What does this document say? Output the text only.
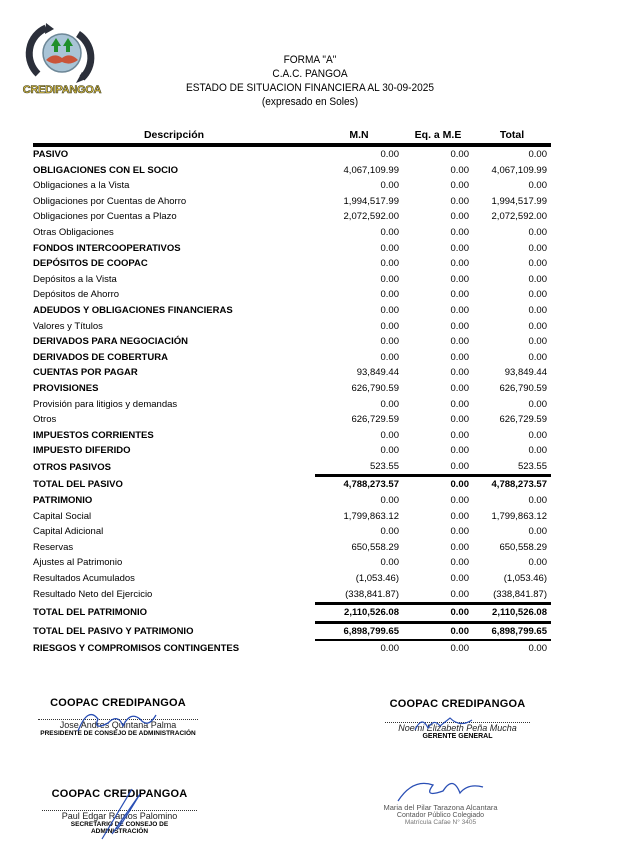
CREDIPANGOA
FORMA "A"
C.A.C. PANGOA
ESTADO DE SITUACION FINANCIERA AL 30-09-2025
(expresado en Soles)
Descripción	M.N	Eq. a M.E	Total
PASIVO	0.00	0.00	0.00
OBLIGACIONES CON EL SOCIO	4,067,109.99	0.00	4,067,109.99
Obligaciones a la Vista	0.00	0.00	0.00
Obligaciones por Cuentas de Ahorro	1,994,517.99	0.00	1,994,517.99
Obligaciones por Cuentas a Plazo	2,072,592.00	0.00	2,072,592.00
Otras Obligaciones	0.00	0.00	0.00
FONDOS INTERCOOPERATIVOS	0.00	0.00	0.00
DEPÓSITOS DE COOPAC	0.00	0.00	0.00
Depósitos a la Vista	0.00	0.00	0.00
Depósitos de Ahorro	0.00	0.00	0.00
ADEUDOS Y OBLIGACIONES FINANCIERAS	0.00	0.00	0.00
Valores y Títulos	0.00	0.00	0.00
DERIVADOS PARA NEGOCIACIÓN	0.00	0.00	0.00
DERIVADOS DE COBERTURA	0.00	0.00	0.00
CUENTAS POR PAGAR	93,849.44	0.00	93,849.44
PROVISIONES	626,790.59	0.00	626,790.59
Provisión para litigios y demandas	0.00	0.00	0.00
Otros	626,729.59	0.00	626,729.59
IMPUESTOS CORRIENTES	0.00	0.00	0.00
IMPUESTO DIFERIDO	0.00	0.00	0.00
OTROS PASIVOS	523.55	0.00	523.55
TOTAL DEL PASIVO	4,788,273.57	0.00	4,788,273.57
PATRIMONIO	0.00	0.00	0.00
Capital Social	1,799,863.12	0.00	1,799,863.12
Capital Adicional	0.00	0.00	0.00
Reservas	650,558.29	0.00	650,558.29
Ajustes al Patrimonio	0.00	0.00	0.00
Resultados Acumulados	(1,053.46)	0.00	(1,053.46)
Resultado Neto del Ejercicio	(338,841.87)	0.00	(338,841.87)
TOTAL DEL PATRIMONIO	2,110,526.08	0.00	2,110,526.08
TOTAL DEL PASIVO Y PATRIMONIO	6,898,799.65	0.00	6,898,799.65
RIESGOS Y COMPROMISOS CONTINGENTES	0.00	0.00	0.00
COOPAC CREDIPANGOA
Jose Andres Quintana Palma
PRESIDENTE DE CONSEJO DE ADMINISTRACIÓN
COOPAC CREDIPANGOA
Noemi Elizabeth Peña Mucha
GERENTE GENERAL
COOPAC CREDIPANGOA
Paul Edgar Ramos Palomino
SECRETARIO DE CONSEJO DE ADMINISTRACIÓN
Maria del Pilar Tarazona Alcantara
Contador Público Colegiado
Matrícula Cafae N° 3405
